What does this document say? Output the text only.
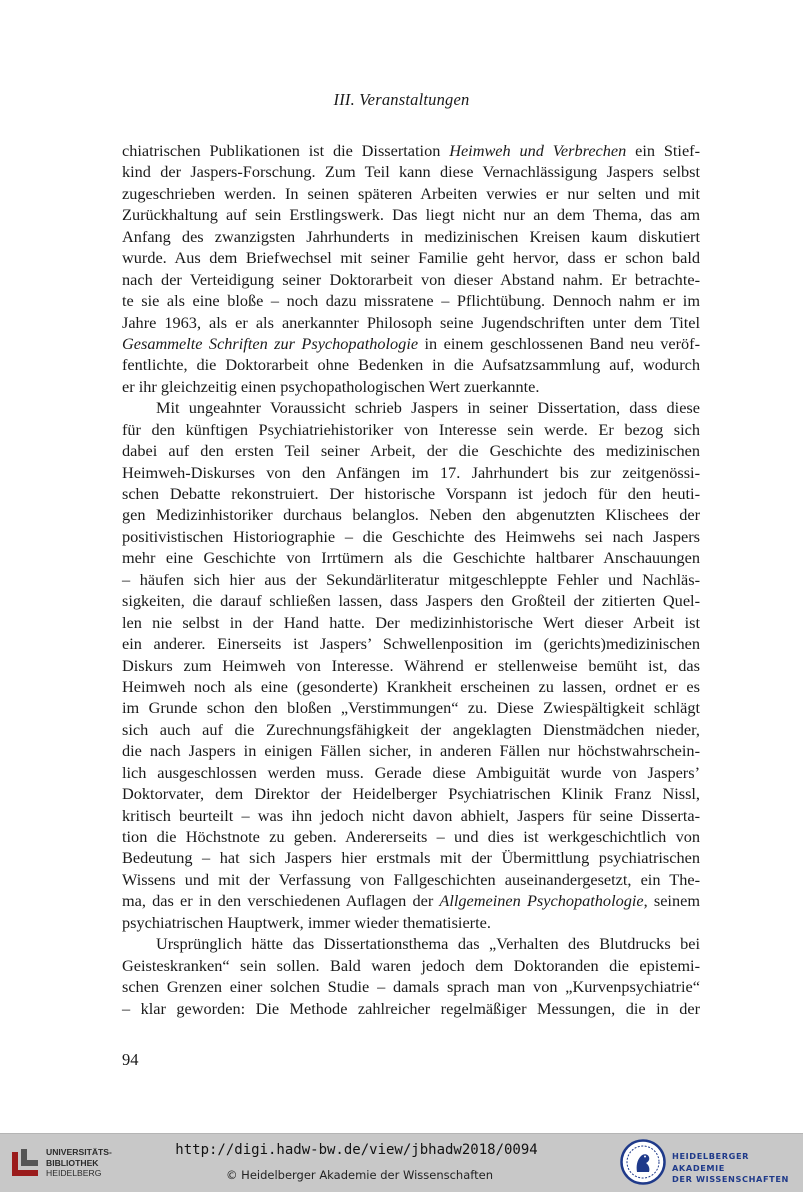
III. Veranstaltungen
chiatrischen Publikationen ist die Dissertation Heimweh und Verbrechen ein Stief-
kind der Jaspers-Forschung. Zum Teil kann diese Vernachlässigung Jaspers selbst
zugeschrieben werden. In seinen späteren Arbeiten verwies er nur selten und mit
Zurückhaltung auf sein Erstlingswerk. Das liegt nicht nur an dem Thema, das am
Anfang des zwanzigsten Jahrhunderts in medizinischen Kreisen kaum diskutiert
wurde. Aus dem Briefwechsel mit seiner Familie geht hervor, dass er schon bald
nach der Verteidigung seiner Doktorarbeit von dieser Abstand nahm. Er betrachte-
te sie als eine bloße – noch dazu missratene – Pflichtübung. Dennoch nahm er im
Jahre 1963, als er als anerkannter Philosoph seine Jugendschriften unter dem Titel
Gesammelte Schriften zur Psychopathologie in einem geschlossenen Band neu veröf-
fentlichte, die Doktorarbeit ohne Bedenken in die Aufsatzsammlung auf, wodurch
er ihr gleichzeitig einen psychopathologischen Wert zuerkannte.
Mit ungeahnter Voraussicht schrieb Jaspers in seiner Dissertation, dass diese
für den künftigen Psychiatriehistoriker von Interesse sein werde. Er bezog sich
dabei auf den ersten Teil seiner Arbeit, der die Geschichte des medizinischen
Heimweh-Diskurses von den Anfängen im 17. Jahrhundert bis zur zeitgenössi-
schen Debatte rekonstruiert. Der historische Vorspann ist jedoch für den heuti-
gen Medizinhistoriker durchaus belanglos. Neben den abgenutzten Klischees der
positivistischen Historiographie – die Geschichte des Heimwehs sei nach Jaspers
mehr eine Geschichte von Irrtümern als die Geschichte haltbarer Anschauungen
– häufen sich hier aus der Sekundärliteratur mitgeschleppte Fehler und Nachläs-
sigkeiten, die darauf schließen lassen, dass Jaspers den Großteil der zitierten Quel-
len nie selbst in der Hand hatte. Der medizinhistorische Wert dieser Arbeit ist
ein anderer. Einerseits ist Jaspers’ Schwellenposition im (gerichts)medizinischen
Diskurs zum Heimweh von Interesse. Während er stellenweise bemüht ist, das
Heimweh noch als eine (gesonderte) Krankheit erscheinen zu lassen, ordnet er es
im Grunde schon den bloßen „Verstimmungen“ zu. Diese Zwiespältigkeit schlägt
sich auch auf die Zurechnungsfähigkeit der angeklagten Dienstmädchen nieder,
die nach Jaspers in einigen Fällen sicher, in anderen Fällen nur höchstwahrschein-
lich ausgeschlossen werden muss. Gerade diese Ambiguität wurde von Jaspers’
Doktorvater, dem Direktor der Heidelberger Psychiatrischen Klinik Franz Nissl,
kritisch beurteilt – was ihn jedoch nicht davon abhielt, Jaspers für seine Disserta-
tion die Höchstnote zu geben. Andererseits – und dies ist werkgeschichtlich von
Bedeutung – hat sich Jaspers hier erstmals mit der Übermittlung psychiatrischen
Wissens und mit der Verfassung von Fallgeschichten auseinandergesetzt, ein The-
ma, das er in den verschiedenen Auflagen der Allgemeinen Psychopathologie, seinem
psychiatrischen Hauptwerk, immer wieder thematisierte.
Ursprünglich hätte das Dissertationsthema das „Verhalten des Blutdrucks bei
Geisteskranken“ sein sollen. Bald waren jedoch dem Doktoranden die epistemi-
schen Grenzen einer solchen Studie – damals sprach man von „Kurvenpsychiatrie“
– klar geworden: Die Methode zahlreicher regelmäßiger Messungen, die in der
94
UNIVERSITÄTS-
BIBLIOTHEK
HEIDELBERG
http://digi.hadw-bw.de/view/jbhadw2018/0094
© Heidelberger Akademie der Wissenschaften
HEIDELBERGER AKADEMIE
DER WISSENSCHAFTEN
